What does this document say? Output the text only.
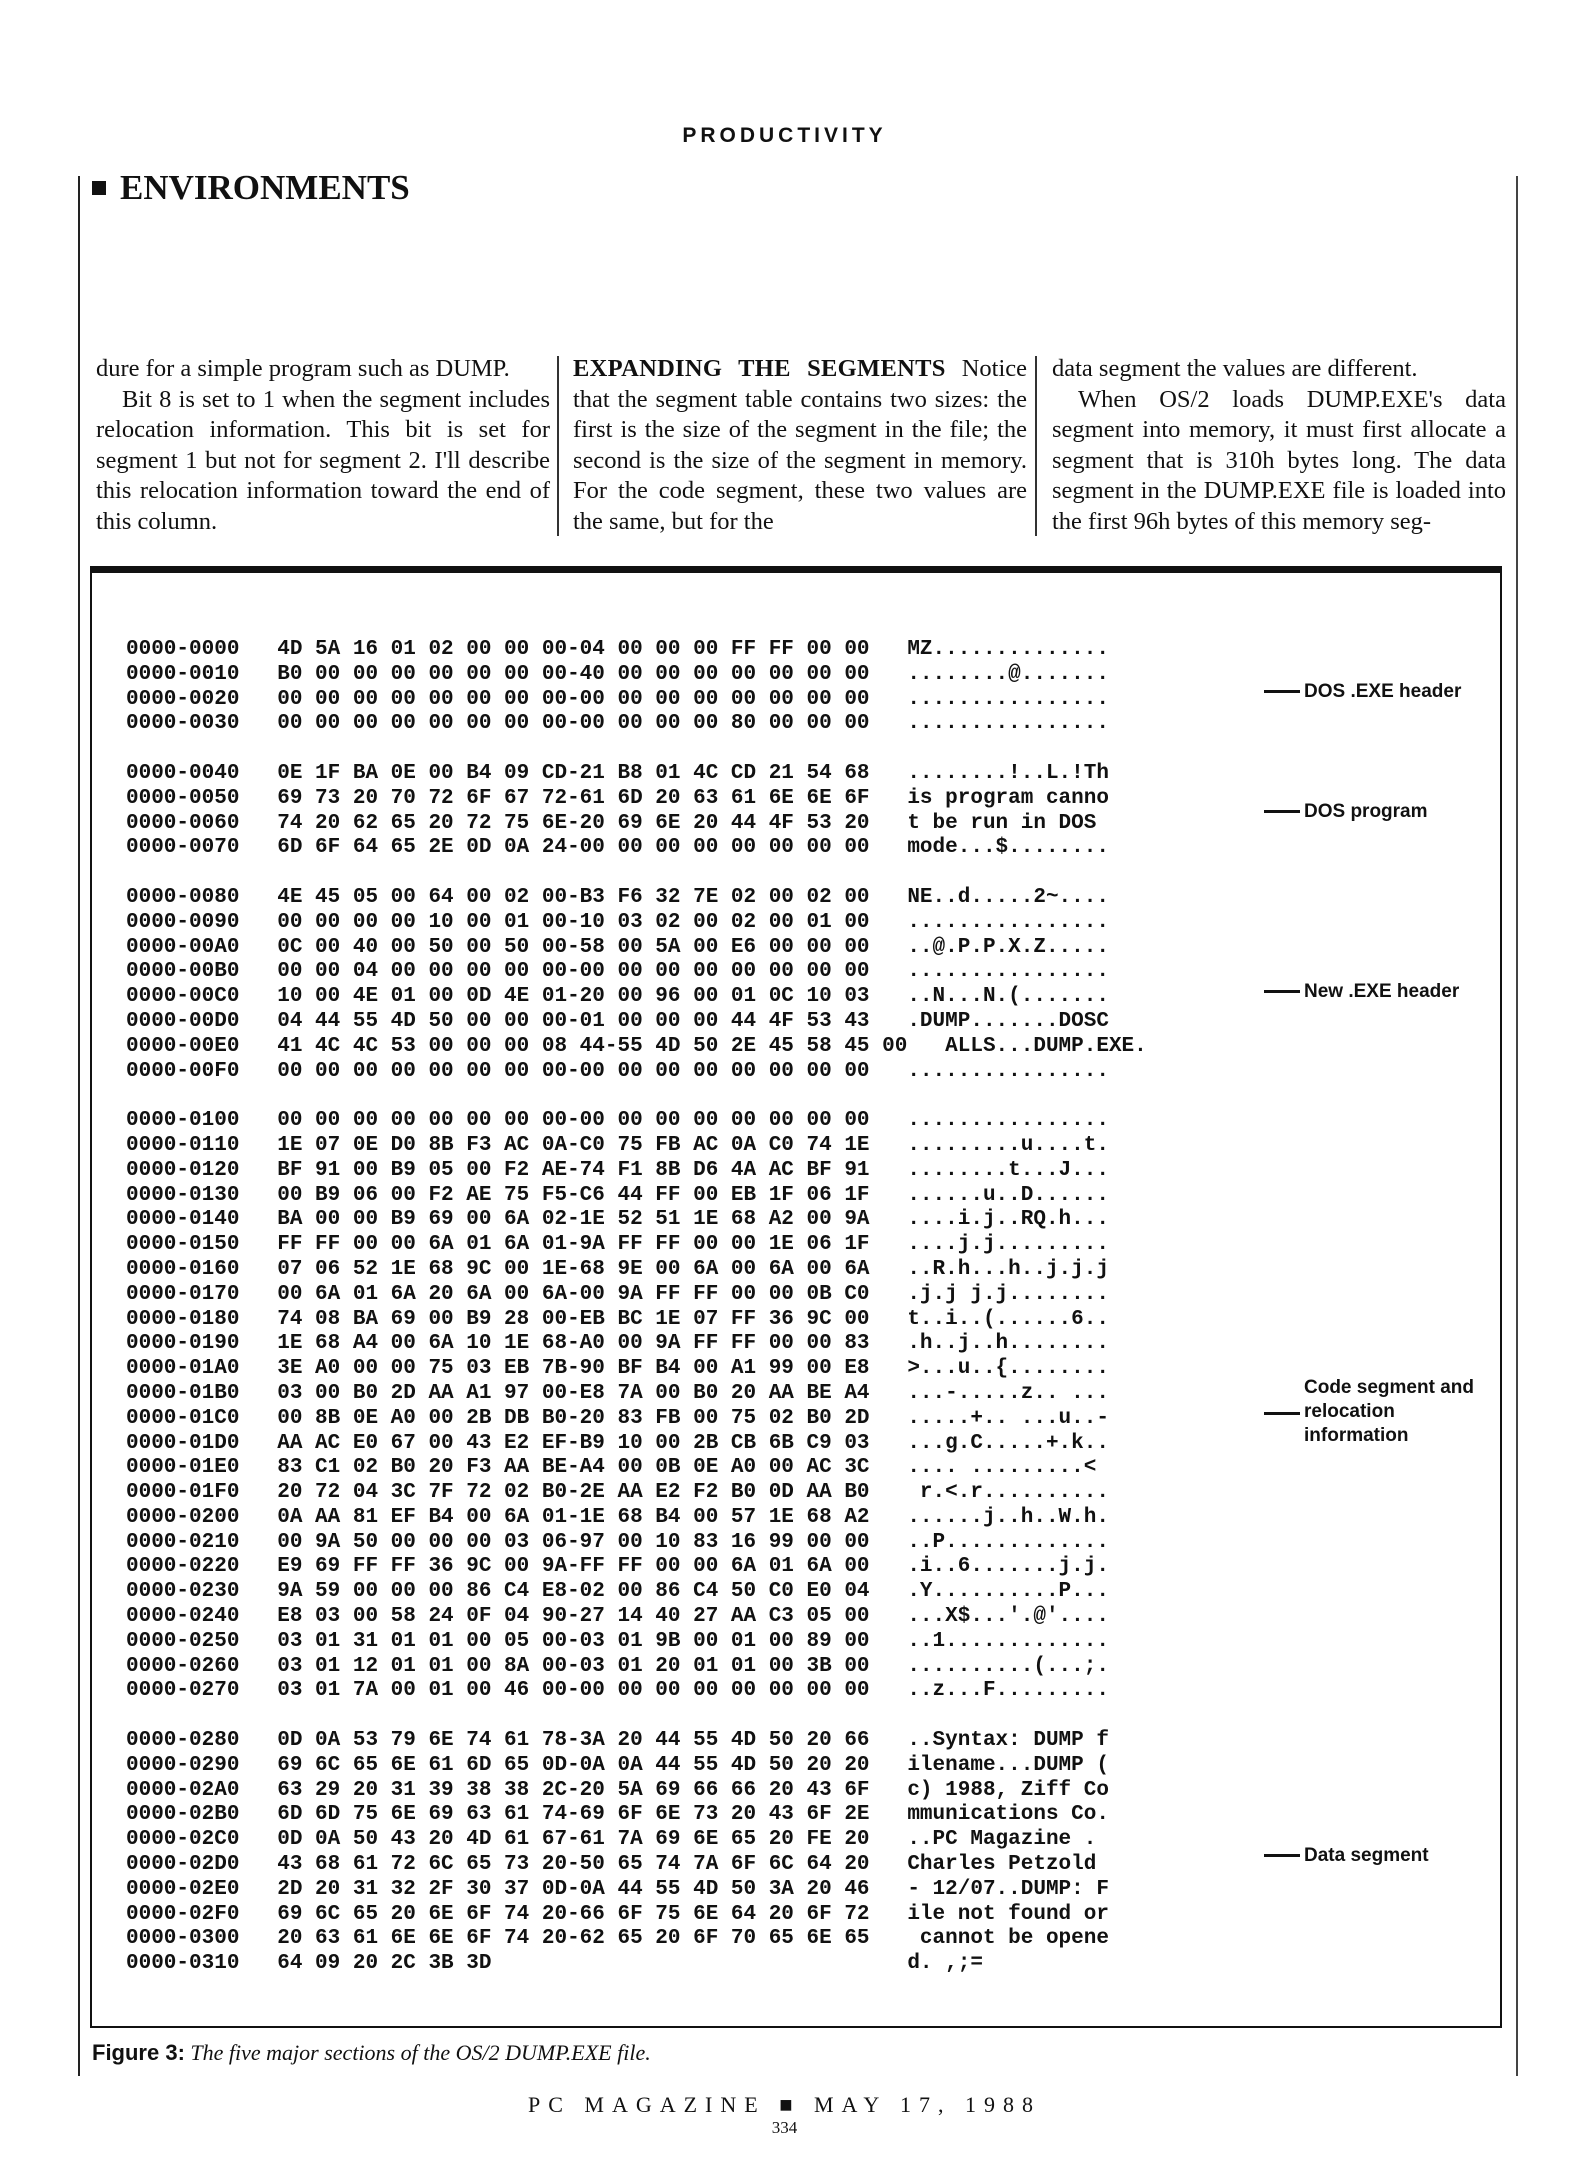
PRODUCTIVITY
ENVIRONMENTS

dure for a simple program such as DUMP.

Bit 8 is set to 1 when the segment includes relocation information. This bit is set for segment 1 but not for segment 2. I'll describe this relocation information toward the end of this column.

EXPANDING THE SEGMENTS Notice that the segment table contains two sizes: the first is the size of the segment in the file; the second is the size of the segment in memory. For the code segment, these two values are the same, but for the

data segment the values are different.

When OS/2 loads DUMP.EXE's data segment into memory, it must first allocate a segment that is 310h bytes long. The data segment in the DUMP.EXE file is loaded into the first 96h bytes of this memory seg-

0000-0000   4D 5A 16 01 02 00 00 00-04 00 00 00 FF FF 00 00   MZ..............
0000-0010   B0 00 00 00 00 00 00 00-40 00 00 00 00 00 00 00   ........@.......
0000-0020   00 00 00 00 00 00 00 00-00 00 00 00 00 00 00 00   ................
0000-0030   00 00 00 00 00 00 00 00-00 00 00 00 80 00 00 00   ................

0000-0040   0E 1F BA 0E 00 B4 09 CD-21 B8 01 4C CD 21 54 68   ........!..L.!Th
0000-0050   69 73 20 70 72 6F 67 72-61 6D 20 63 61 6E 6E 6F   is program canno
0000-0060   74 20 62 65 20 72 75 6E-20 69 6E 20 44 4F 53 20   t be run in DOS
0000-0070   6D 6F 64 65 2E 0D 0A 24-00 00 00 00 00 00 00 00   mode...$........

0000-0080   4E 45 05 00 64 00 02 00-B3 F6 32 7E 02 00 02 00   NE..d.....2~....
0000-0090   00 00 00 00 10 00 01 00-10 03 02 00 02 00 01 00   ................
0000-00A0   0C 00 40 00 50 00 50 00-58 00 5A 00 E6 00 00 00   ..@.P.P.X.Z.....
0000-00B0   00 00 04 00 00 00 00 00-00 00 00 00 00 00 00 00   ................
0000-00C0   10 00 4E 01 00 0D 4E 01-20 00 96 00 01 0C 10 03   ..N...N.(.......
0000-00D0   04 44 55 4D 50 00 00 00-01 00 00 00 44 4F 53 43   .DUMP.......DOSC
0000-00E0   41 4C 4C 53 00 00 00 08 44-55 4D 50 2E 45 58 45 00   ALLS...DUMP.EXE.
0000-00F0   00 00 00 00 00 00 00 00-00 00 00 00 00 00 00 00   ................

0000-0100   00 00 00 00 00 00 00 00-00 00 00 00 00 00 00 00   ................
0000-0110   1E 07 0E D0 8B F3 AC 0A-C0 75 FB AC 0A C0 74 1E   .........u....t.
0000-0120   BF 91 00 B9 05 00 F2 AE-74 F1 8B D6 4A AC BF 91   ........t...J...
0000-0130   00 B9 06 00 F2 AE 75 F5-C6 44 FF 00 EB 1F 06 1F   ......u..D......
0000-0140   BA 00 00 B9 69 00 6A 02-1E 52 51 1E 68 A2 00 9A   ....i.j..RQ.h...
0000-0150   FF FF 00 00 6A 01 6A 01-9A FF FF 00 00 1E 06 1F   ....j.j.........
0000-0160   07 06 52 1E 68 9C 00 1E-68 9E 00 6A 00 6A 00 6A   ..R.h...h..j.j.j
0000-0170   00 6A 01 6A 20 6A 00 6A-00 9A FF FF 00 00 0B C0   .j.j j.j........
0000-0180   74 08 BA 69 00 B9 28 00-EB BC 1E 07 FF 36 9C 00   t..i..(......6..
0000-0190   1E 68 A4 00 6A 10 1E 68-A0 00 9A FF FF 00 00 83   .h..j..h........
0000-01A0   3E A0 00 00 75 03 EB 7B-90 BF B4 00 A1 99 00 E8   >...u..{........
0000-01B0   03 00 B0 2D AA A1 97 00-E8 7A 00 B0 20 AA BE A4   ...-.....z.. ...
0000-01C0   00 8B 0E A0 00 2B DB B0-20 83 FB 00 75 02 B0 2D   .....+.. ...u..-
0000-01D0   AA AC E0 67 00 43 E2 EF-B9 10 00 2B CB 6B C9 03   ...g.C.....+.k..
0000-01E0   83 C1 02 B0 20 F3 AA BE-A4 00 0B 0E A0 00 AC 3C   .... .........<
0000-01F0   20 72 04 3C 7F 72 02 B0-2E AA E2 F2 B0 0D AA B0    r.<.r..........
0000-0200   0A AA 81 EF B4 00 6A 01-1E 68 B4 00 57 1E 68 A2   ......j..h..W.h.
0000-0210   00 9A 50 00 00 00 03 06-97 00 10 83 16 99 00 00   ..P.............
0000-0220   E9 69 FF FF 36 9C 00 9A-FF FF 00 00 6A 01 6A 00   .i..6.......j.j.
0000-0230   9A 59 00 00 00 86 C4 E8-02 00 86 C4 50 C0 E0 04   .Y..........P...
0000-0240   E8 03 00 58 24 0F 04 90-27 14 40 27 AA C3 05 00   ...X$...'.@'....
0000-0250   03 01 31 01 01 00 05 00-03 01 9B 00 01 00 89 00   ..1.............
0000-0260   03 01 12 01 01 00 8A 00-03 01 20 01 01 00 3B 00   ..........(...;.
0000-0270   03 01 7A 00 01 00 46 00-00 00 00 00 00 00 00 00   ..z...F.........

0000-0280   0D 0A 53 79 6E 74 61 78-3A 20 44 55 4D 50 20 66   ..Syntax: DUMP f
0000-0290   69 6C 65 6E 61 6D 65 0D-0A 0A 44 55 4D 50 20 20   ilename...DUMP (
0000-02A0   63 29 20 31 39 38 38 2C-20 5A 69 66 66 20 43 6F   c) 1988, Ziff Co
0000-02B0   6D 6D 75 6E 69 63 61 74-69 6F 6E 73 20 43 6F 2E   mmunications Co.
0000-02C0   0D 0A 50 43 20 4D 61 67-61 7A 69 6E 65 20 FE 20   ..PC Magazine .
0000-02D0   43 68 61 72 6C 65 73 20-50 65 74 7A 6F 6C 64 20   Charles Petzold
0000-02E0   2D 20 31 32 2F 30 37 0D-0A 44 55 4D 50 3A 20 46   - 12/07..DUMP: F
0000-02F0   69 6C 65 20 6E 6F 74 20-66 6F 75 6E 64 20 6F 72   ile not found or
0000-0300   20 63 61 6E 6E 6F 74 20-62 65 20 6F 70 65 6E 65    cannot be opene
0000-0310   64 09 20 2C 3B 3D                                 d. ,;=
DOS .EXE header
DOS program
New .EXE header
Code segment and relocation information
Data segment
Figure 3: The five major sections of the OS/2 DUMP.EXE file.
PC MAGAZINE ■ MAY 17, 1988
334
